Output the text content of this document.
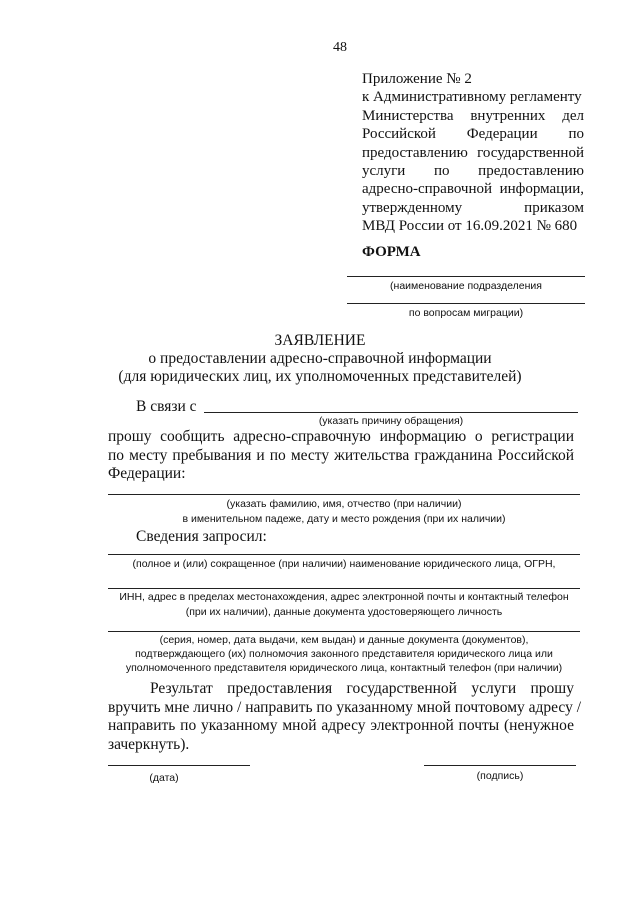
48
Приложение № 2
к Административному регламенту
Министерства внутренних дел
Российской Федерации по
предоставлению государственной
услуги по предоставлению
адресно-справочной информации,
утвержденному приказом
МВД России от 16.09.2021 № 680
ФОРМА
(наименование подразделения
по вопросам миграции)
ЗАЯВЛЕНИЕ
о предоставлении адресно-справочной информации
(для юридических лиц, их уполномоченных представителей)
В связи с
(указать причину обращения)
прошу сообщить адресно-справочную информацию о регистрации
по месту пребывания и по месту жительства гражданина Российской
Федерации:
(указать фамилию, имя, отчество (при наличии)
в именительном падеже, дату и место рождения (при их наличии)
Сведения запросил:
(полное и (или) сокращенное (при наличии) наименование юридического лица, ОГРН,
ИНН, адрес в пределах местонахождения, адрес электронной почты и контактный телефон
(при их наличии), данные документа удостоверяющего личность
(серия, номер, дата выдачи, кем выдан) и данные документа (документов),
подтверждающего (их) полномочия законного представителя юридического лица или
уполномоченного представителя юридического лица, контактный телефон (при наличии)
Результат предоставления государственной услуги прошу
вручить мне лично / направить по указанному мной почтовому адресу /
направить по указанному мной адресу электронной почты (ненужное
зачеркнуть).
(дата)	(подпись)
